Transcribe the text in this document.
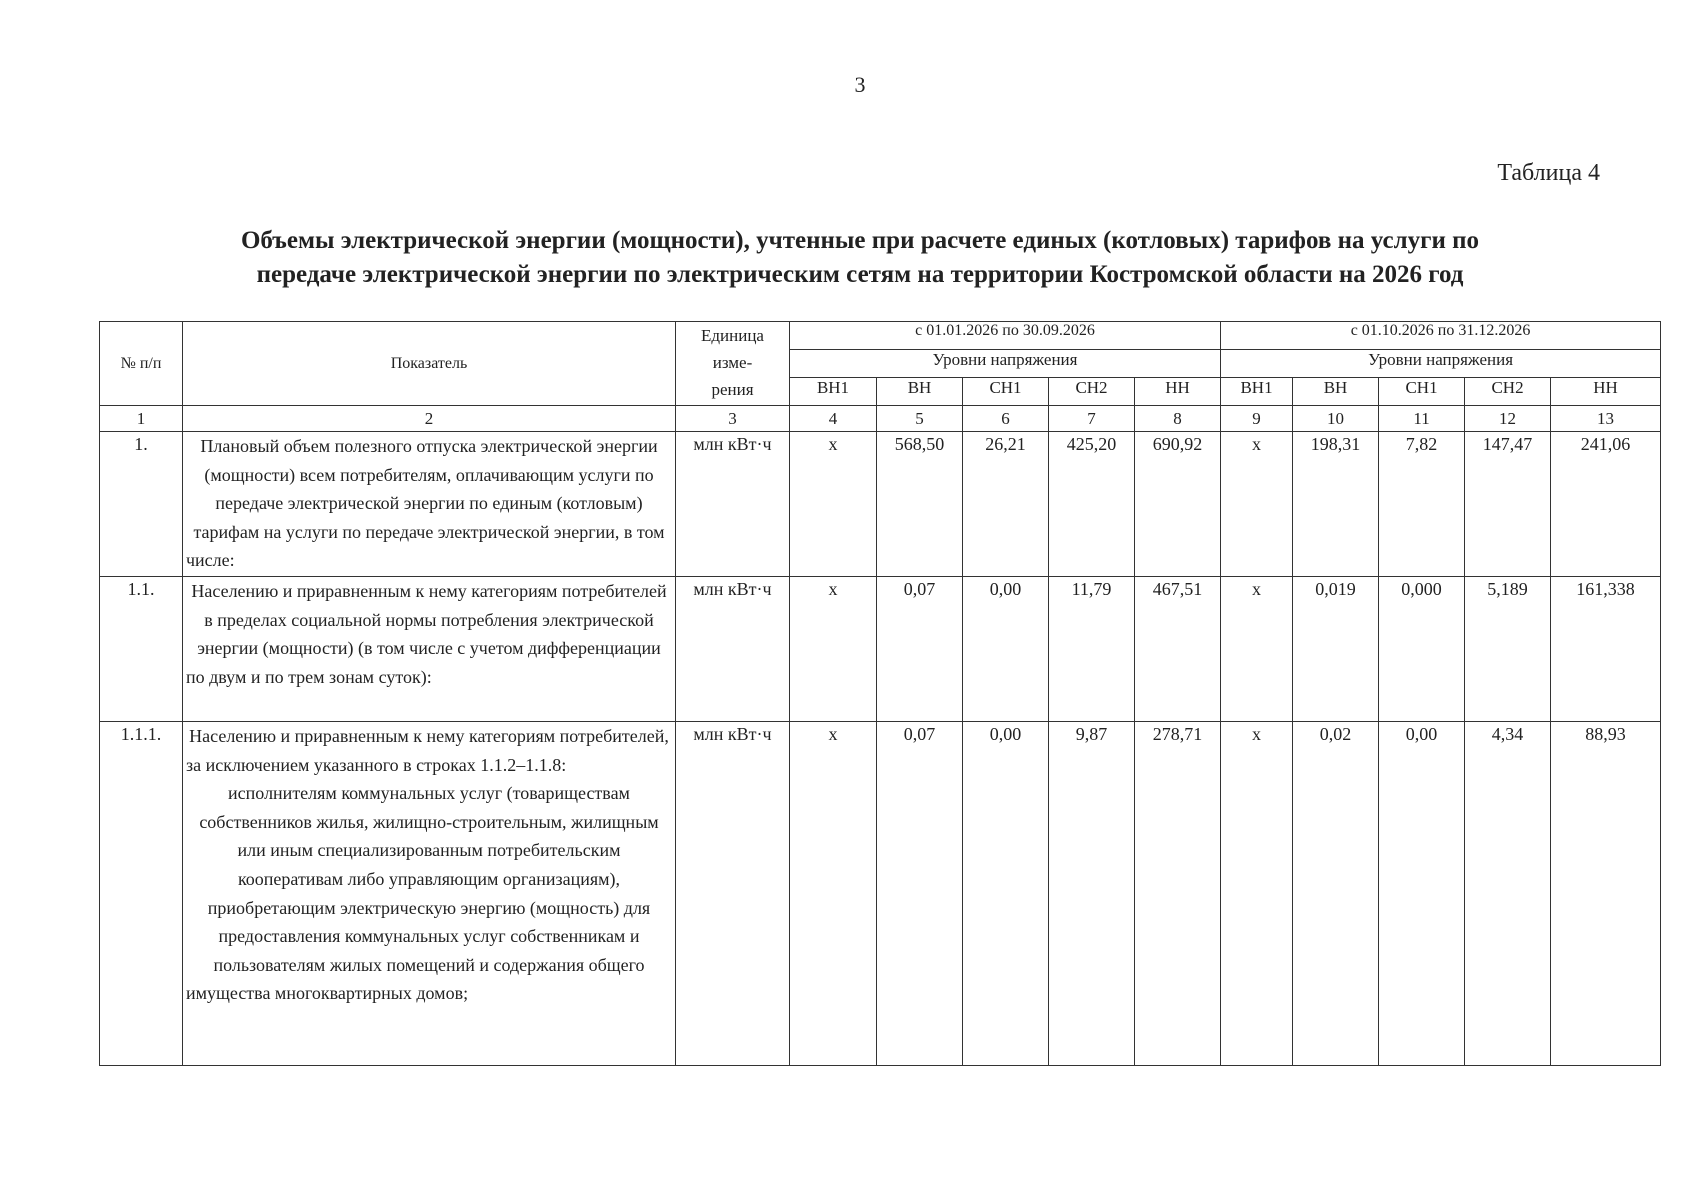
3
Таблица 4
Объемы электрической энергии (мощности), учтенные при расчете единых (котловых) тарифов на услуги по
передаче электрической энергии по электрическим сетям на территории Костромской области на 2026 год
№ п/п	Показатель	Единица
изме-
рения	с 01.01.2026 по 30.09.2026					с 01.10.2026 по 31.12.2026				
			Уровни напряжения					Уровни напряжения				
			ВН1	ВН	СН1	СН2	НН	ВН1	ВН	СН1	СН2	НН
1	2	3	4	5	6	7	8	9	10	11	12	13
1.	Плановый объем полезного отпуска электрической энергии (мощности) всем потребителям, оплачивающим услуги по передаче электрической энергии по единым (котловым) тарифам на услуги по передаче электрической энергии, в том числе:	млн кВт·ч	х	568,50	26,21	425,20	690,92	х	198,31	7,82	147,47	241,06
1.1.	Населению и приравненным к нему категориям потребителей в пределах социальной нормы потребления электрической энергии (мощности) (в том числе с учетом дифференциации по двум и по трем зонам суток):	млн кВт·ч	х	0,07	0,00	11,79	467,51	х	0,019	0,000	5,189	161,338
1.1.1.	Населению и приравненным к нему категориям потребителей, за исключением указанного в строках 1.1.2–1.1.8:
исполнителям коммунальных услуг (товариществам собственников жилья, жилищно-строительным, жилищным или иным специализированным потребительским кооперативам либо управляющим организациям), приобретающим электрическую энергию (мощность) для предоставления коммунальных услуг собственникам и пользователям жилых помещений и содержания общего имущества многоквартирных домов;	млн кВт·ч	х	0,07	0,00	9,87	278,71	х	0,02	0,00	4,34	88,93
